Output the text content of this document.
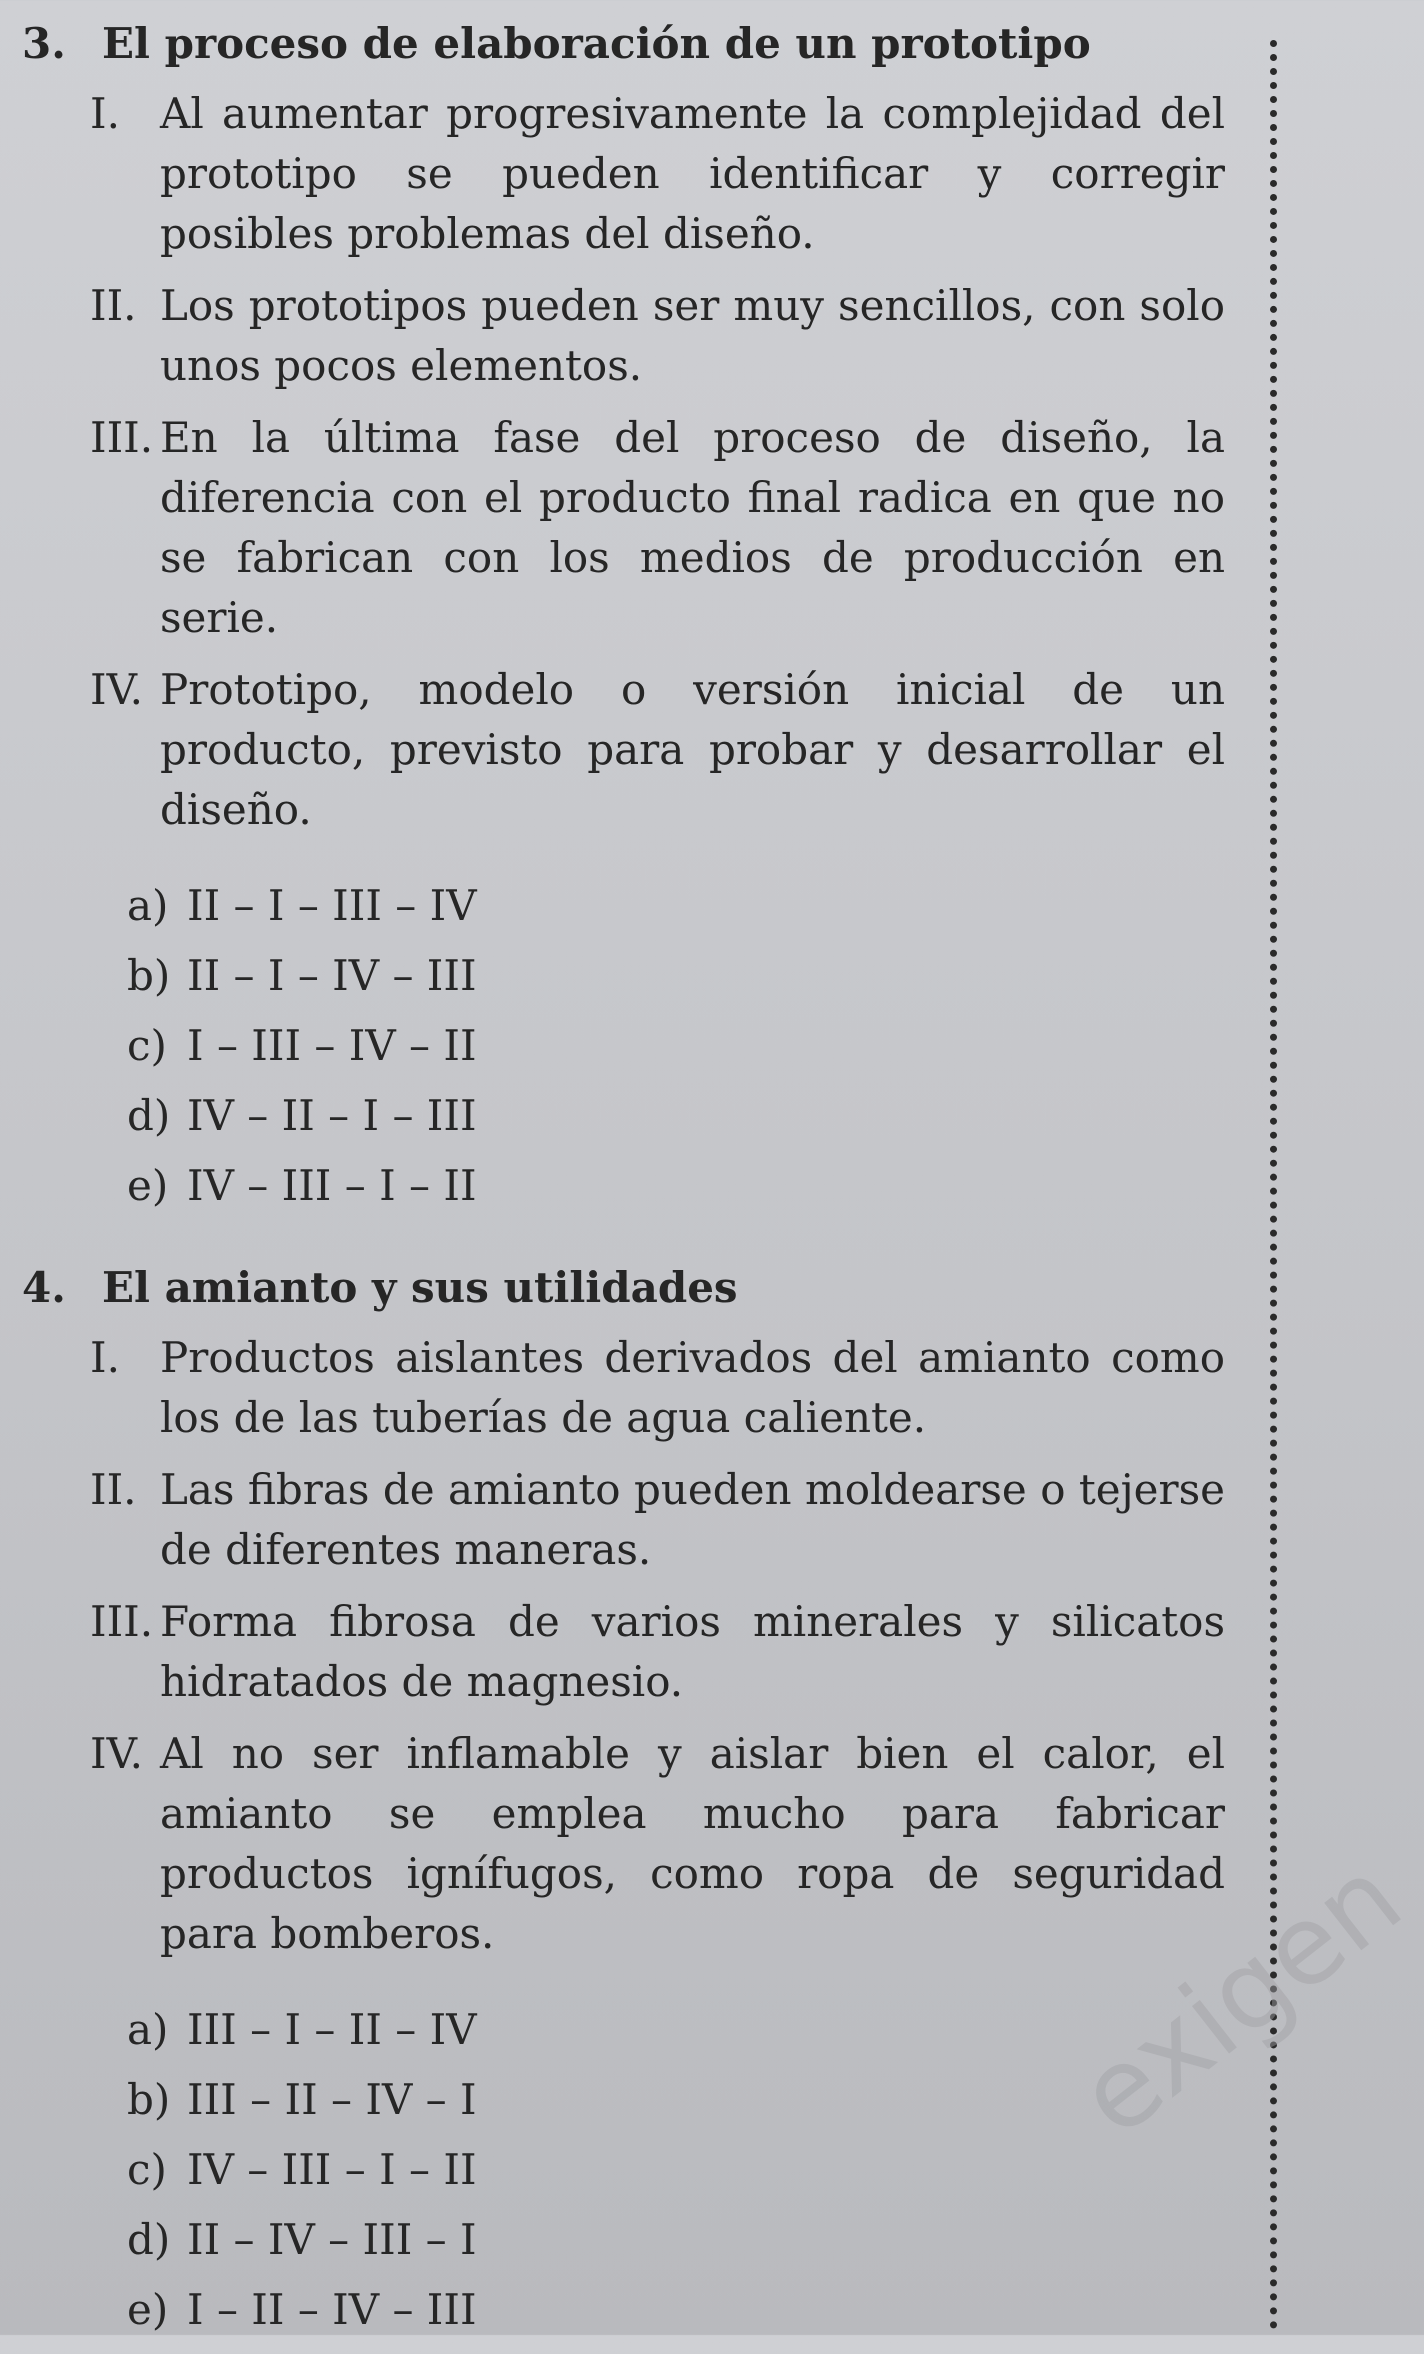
3. El proceso de elaboración de un prototipo
I. Al aumentar progresivamente la complejidad del prototipo se pueden identificar y corregir posibles problemas del diseño.
II. Los prototipos pueden ser muy sencillos, con solo unos pocos elementos.
III. En la última fase del proceso de diseño, la diferencia con el producto final radica en que no se fabrican con los medios de producción en serie.
IV. Prototipo, modelo o versión inicial de un producto, previsto para probar y desarrollar el diseño.
a) II – I – III – IV
b) II – I – IV – III
c) I – III – IV – II
d) IV – II – I – III
e) IV – III – I – II
4. El amianto y sus utilidades
I. Productos aislantes derivados del amianto como los de las tuberías de agua caliente.
II. Las fibras de amianto pueden moldearse o tejerse de diferentes maneras.
III. Forma fibrosa de varios minerales y silicatos hidratados de magnesio.
IV. Al no ser inflamable y aislar bien el calor, el amianto se emplea mucho para fabricar productos ignífugos, como ropa de seguridad para bomberos.
a) III – I – II – IV
b) III – II – IV – I
c) IV – III – I – II
d) II – IV – III – I
e) I – II – IV – III
exigen
